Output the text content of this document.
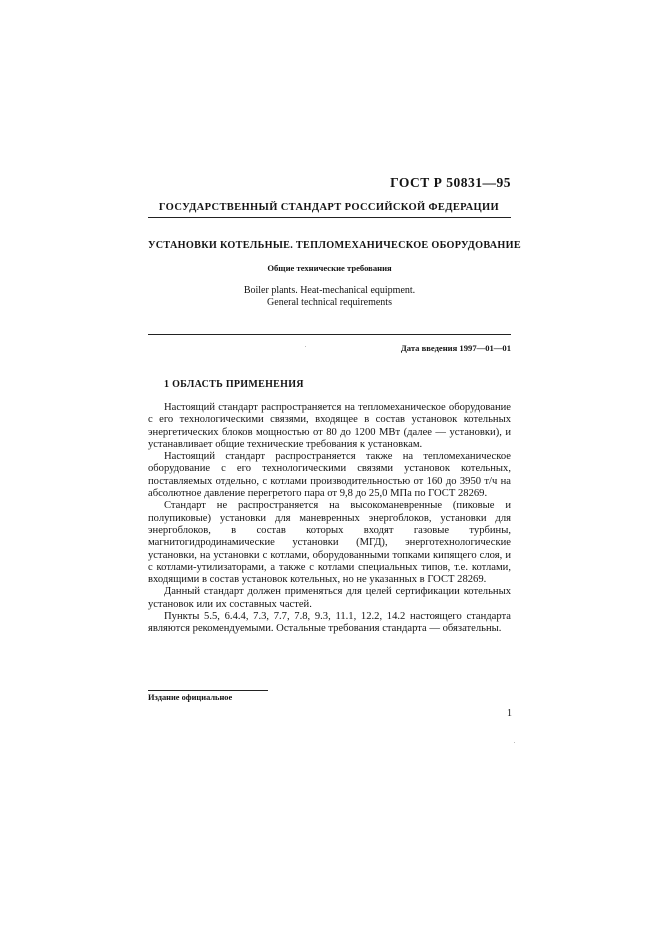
ГОСТ Р 50831—95
ГОСУДАРСТВЕННЫЙ СТАНДАРТ РОССИЙСКОЙ ФЕДЕРАЦИИ
УСТАНОВКИ КОТЕЛЬНЫЕ. ТЕПЛОМЕХАНИЧЕСКОЕ ОБОРУДОВАНИЕ
Общие технические требования
Boiler plants. Heat-mechanical equipment.
General technical requirements
Дата введения 1997—01—01
1 ОБЛАСТЬ ПРИМЕНЕНИЯ

Настоящий стандарт распространяется на тепломеханическое оборудование с его технологическими связями, входящее в состав установок котельных энергетических блоков мощностью от 80 до 1200 МВт (далее — установки), и устанавливает общие технические требования к установкам.

Настоящий стандарт распространяется также на тепломеханическое оборудование с его технологическими связями установок котельных, поставляемых отдельно, с котлами производительностью от 160 до 3950 т/ч на абсолютное давление перегретого пара от 9,8 до 25,0 МПа по ГОСТ 28269.

Стандарт не распространяется на высокоманевренные (пиковые и полупиковые) установки для маневренных энергоблоков, установки для энергоблоков, в состав которых входят газовые турбины, магнитогидродинамические установки (МГД), энерготехнологические установки, на установки с котлами, оборудованными топками кипящего слоя, и с котлами-утилизаторами, а также с котлами специальных типов, т.е. котлами, входящими в состав установок котельных, но не указанных в ГОСТ 28269.

Данный стандарт должен применяться для целей сертификации котельных установок или их составных частей.

Пункты 5.5, 6.4.4, 7.3, 7.7, 7.8, 9.3, 11.1, 12.2, 14.2 настоящего стандарта являются рекомендуемыми. Остальные требования стандарта — обязательны.

Издание официальное
1
